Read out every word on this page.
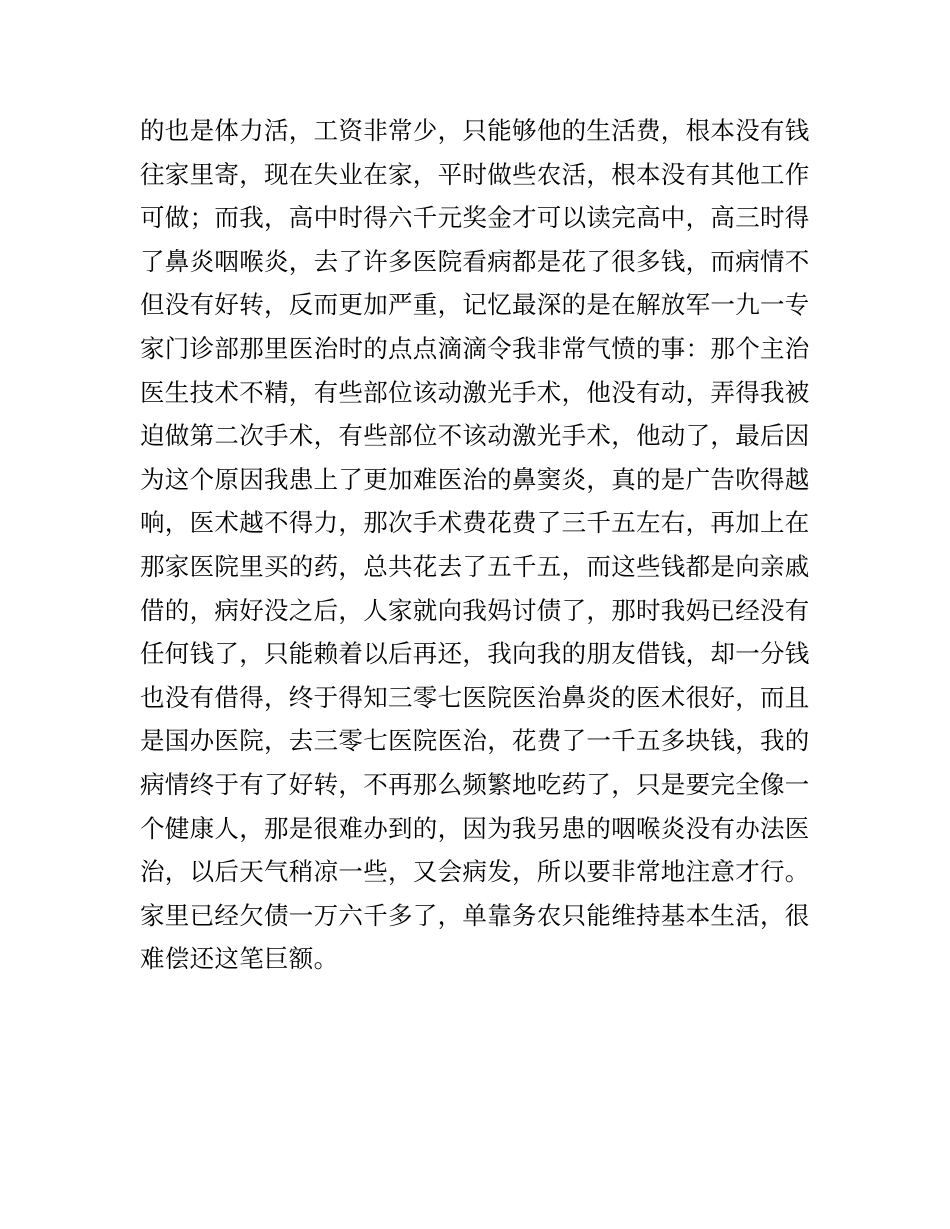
的也是体力活，工资非常少，只能够他的生活费，根本没有钱
往家里寄，现在失业在家，平时做些农活，根本没有其他工作
可做；而我，高中时得六千元奖金才可以读完高中，高三时得
了鼻炎咽喉炎，去了许多医院看病都是花了很多钱，而病情不
但没有好转，反而更加严重，记忆最深的是在解放军一九一专
家门诊部那里医治时的点点滴滴令我非常气愤的事：那个主治
医生技术不精，有些部位该动激光手术，他没有动，弄得我被
迫做第二次手术，有些部位不该动激光手术，他动了，最后因
为这个原因我患上了更加难医治的鼻窦炎，真的是广告吹得越
响，医术越不得力，那次手术费花费了三千五左右，再加上在
那家医院里买的药，总共花去了五千五，而这些钱都是向亲戚
借的，病好没之后，人家就向我妈讨债了，那时我妈已经没有
任何钱了，只能赖着以后再还，我向我的朋友借钱，却一分钱
也没有借得，终于得知三零七医院医治鼻炎的医术很好，而且
是国办医院，去三零七医院医治，花费了一千五多块钱，我的
病情终于有了好转，不再那么频繁地吃药了，只是要完全像一
个健康人，那是很难办到的，因为我另患的咽喉炎没有办法医
治，以后天气稍凉一些，又会病发，所以要非常地注意才行。
家里已经欠债一万六千多了，单靠务农只能维持基本生活，很
难偿还这笔巨额。
